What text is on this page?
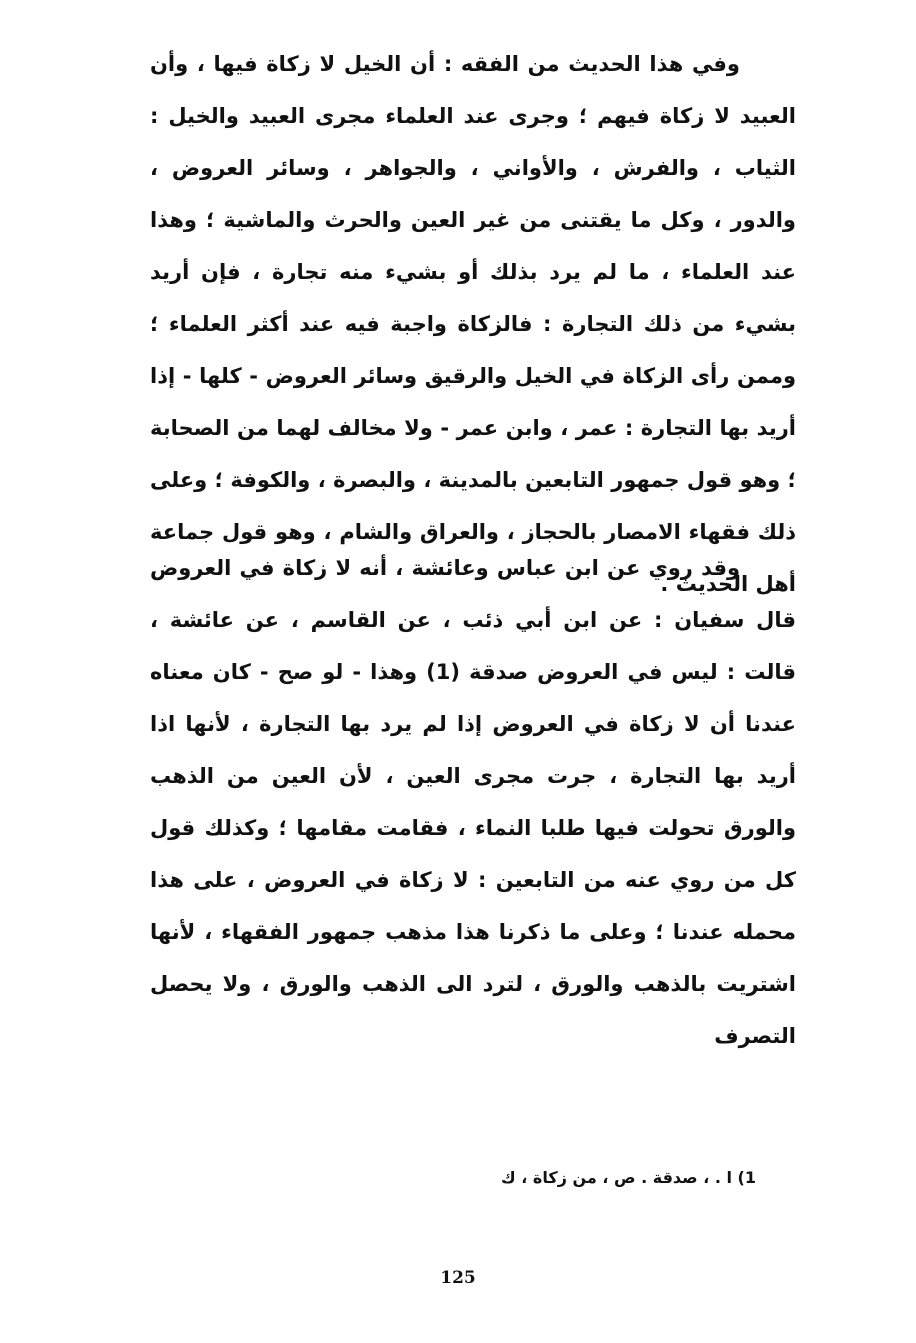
وفي هذا الحديث من الفقه : أن الخيل لا زكاة فيها ، وأن العبيد لا زكاة فيهم ؛ وجرى عند العلماء مجرى العبيد والخيل : الثياب ، والفرش ، والأواني ، والجواهر ، وسائر العروض ، والدور ، وكل ما يقتنى من غير العين والحرث والماشية ؛ وهذا عند العلماء ، ما لم يرد بذلك أو بشيء منه تجارة ، فإن أريد بشيء من ذلك التجارة : فالزكاة واجبة فيه عند أكثر العلماء ؛ وممن رأى الزكاة في الخيل والرقيق وسائر العروض - كلها - إذا أريد بها التجارة : عمر ، وابن عمر - ولا مخالف لهما من الصحابة ؛ وهو قول جمهور التابعين بالمدينة ، والبصرة ، والكوفة ؛ وعلى ذلك فقهاء الامصار بالحجاز ، والعراق والشام ، وهو قول جماعة أهل الحديث .

وقد روي عن ابن عباس وعائشة ، أنه لا زكاة في العروض قال سفيان : عن ابن أبي ذئب ، عن القاسم ، عن عائشة ، قالت : ليس في العروض صدقة (1) وهذا - لو صح - كان معناه عندنا أن لا زكاة في العروض إذا لم يرد بها التجارة ، لأنها اذا أريد بها التجارة ، جرت مجرى العين ، لأن العين من الذهب والورق تحولت فيها طلبا النماء ، فقامت مقامها ؛ وكذلك قول كل من روي عنه من التابعين : لا زكاة في العروض ، على هذا محمله عندنا ؛ وعلى ما ذكرنا هذا مذهب جمهور الفقهاء ، لأنها اشتريت بالذهب والورق ، لترد الى الذهب والورق ، ولا يحصل التصرف

1) ا . ، صدقة . ص ، من زكاة ، ك
125
